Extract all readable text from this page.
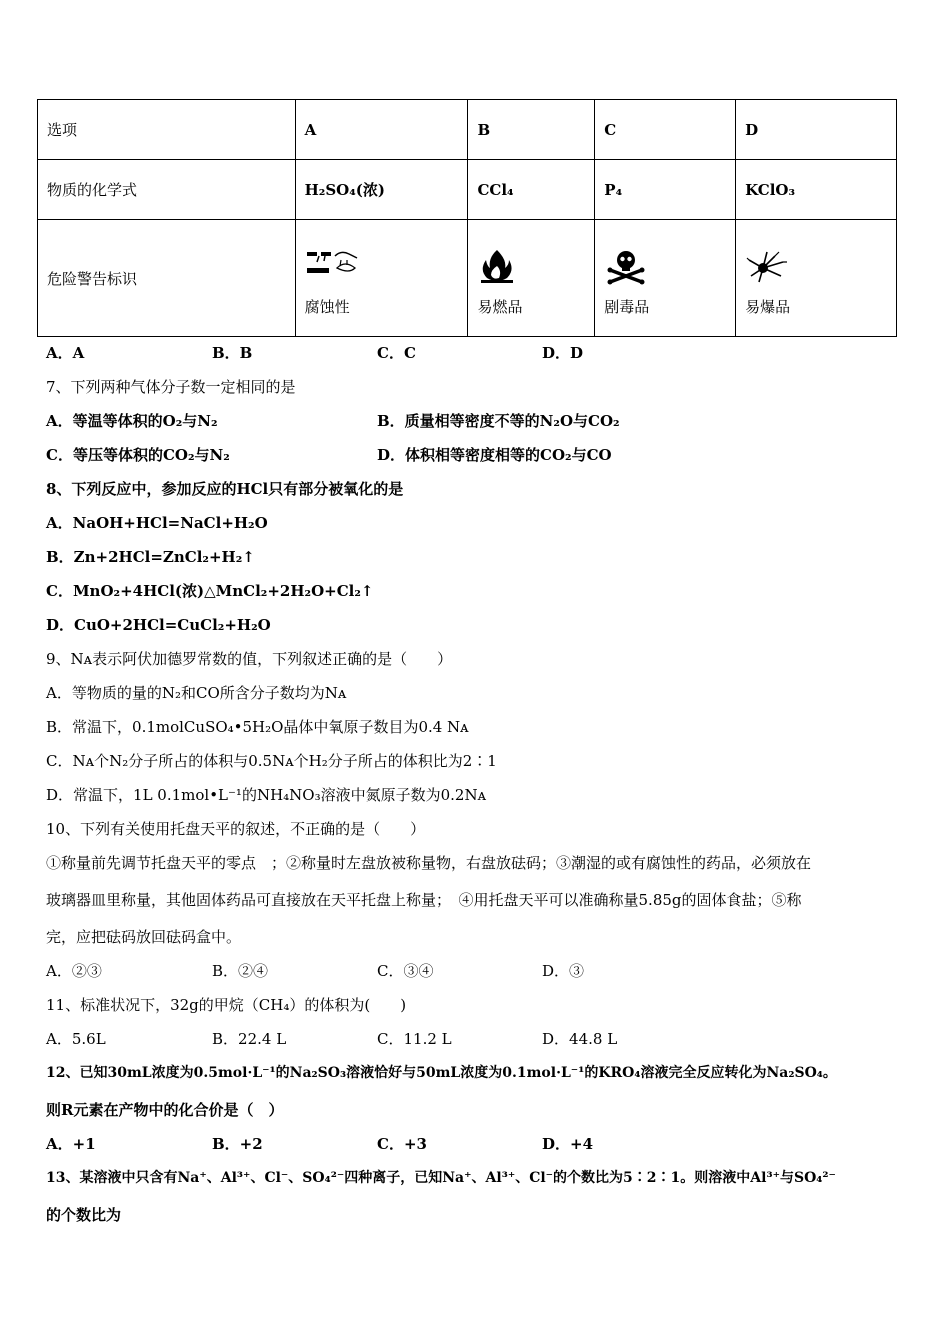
选项	A	B	C	D
物质的化学式	H₂SO₄(浓)	CCl₄	P₄	KClO₃
危险警告标识	腐蚀性	易燃品	剧毒品	易爆品
A．A	B．B	C．C	D．D
7、下列两种气体分子数一定相同的是
A．等温等体积的O₂与N₂	B．质量相等密度不等的N₂O与CO₂
C．等压等体积的CO₂与N₂	D．体积相等密度相等的CO₂与CO
8、下列反应中，参加反应的HCl只有部分被氧化的是
A．NaOH+HCl=NaCl+H₂O
B．Zn+2HCl=ZnCl₂+H₂↑
C．MnO₂+4HCl(浓)△MnCl₂+2H₂O+Cl₂↑
D．CuO+2HCl=CuCl₂+H₂O
9、Nᴀ表示阿伏加德罗常数的值，下列叙述正确的是（　　）
A．等物质的量的N₂和CO所含分子数均为Nᴀ
B．常温下，0.1molCuSO₄•5H₂O晶体中氧原子数目为0.4 Nᴀ
C．Nᴀ个N₂分子所占的体积与0.5Nᴀ个H₂分子所占的体积比为2∶1
D．常温下，1L 0.1mol•L⁻¹的NH₄NO₃溶液中氮原子数为0.2Nᴀ
10、下列有关使用托盘天平的叙述，不正确的是（　　）
①称量前先调节托盘天平的零点　；②称量时左盘放被称量物，右盘放砝码；③潮湿的或有腐蚀性的药品，必须放在
玻璃器皿里称量，其他固体药品可直接放在天平托盘上称量；　④用托盘天平可以准确称量5.85g的固体食盐；⑤称
完，应把砝码放回砝码盒中。
A．②③	B．②④	C．③④	D．③
11、标准状况下，32g的甲烷（CH₄）的体积为(　　)
A．5.6L	B．22.4 L	C．11.2 L	D．44.8 L
12、已知30mL浓度为0.5mol·L⁻¹的Na₂SO₃溶液恰好与50mL浓度为0.1mol·L⁻¹的KRO₄溶液完全反应转化为Na₂SO₄。
则R元素在产物中的化合价是（　）
A．+1	B．+2	C．+3	D．+4
13、某溶液中只含有Na⁺、Al³⁺、Cl⁻、SO₄²⁻四种离子，已知Na⁺、Al³⁺、Cl⁻的个数比为5∶2∶1。则溶液中Al³⁺与SO₄²⁻
的个数比为
